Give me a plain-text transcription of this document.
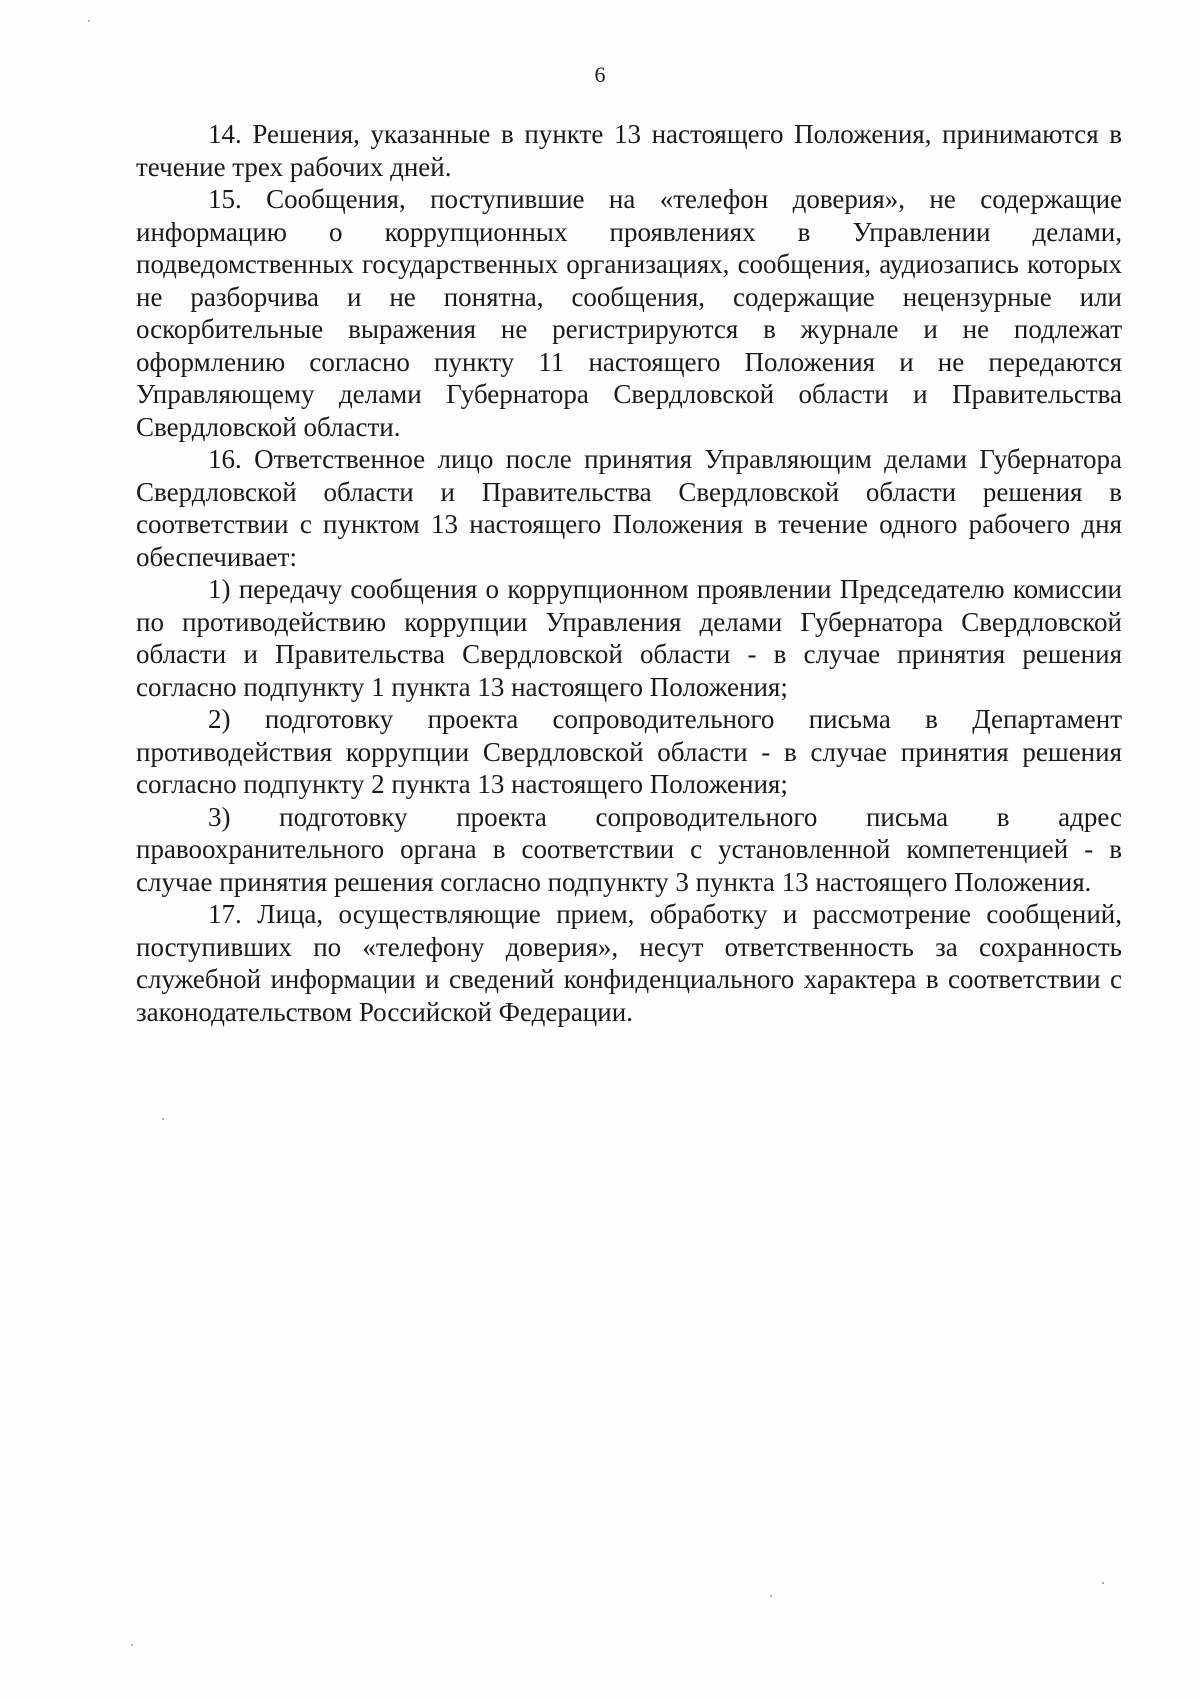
6

14. Решения, указанные в пункте 13 настоящего Положения, принимаются в течение трех рабочих дней.

15. Сообщения, поступившие на «телефон доверия», не содержащие информацию о коррупционных проявлениях в Управлении делами, подведомственных государственных организациях, сообщения, аудиозапись которых не разборчива и не понятна, сообщения, содержащие нецензурные или оскорбительные выражения не регистрируются в журнале и не подлежат оформлению согласно пункту 11 настоящего Положения и не передаются Управляющему делами Губернатора Свердловской области и Правительства Свердловской области.

16. Ответственное лицо после принятия Управляющим делами Губернатора Свердловской области и Правительства Свердловской области решения в соответствии с пунктом 13 настоящего Положения в течение одного рабочего дня обеспечивает:

1) передачу сообщения о коррупционном проявлении Председателю комиссии по противодействию коррупции Управления делами Губернатора Свердловской области и Правительства Свердловской области - в случае принятия решения согласно подпункту 1 пункта 13 настоящего Положения;

2) подготовку проекта сопроводительного письма в Департамент противодействия коррупции Свердловской области - в случае принятия решения согласно подпункту 2 пункта 13 настоящего Положения;

3) подготовку проекта сопроводительного письма в адрес правоохранительного органа в соответствии с установленной компетенцией - в случае принятия решения согласно подпункту 3 пункта 13 настоящего Положения.

17. Лица, осуществляющие прием, обработку и рассмотрение сообщений, поступивших по «телефону доверия», несут ответственность за сохранность служебной информации и сведений конфиденциального характера в соответствии с законодательством Российской Федерации.
